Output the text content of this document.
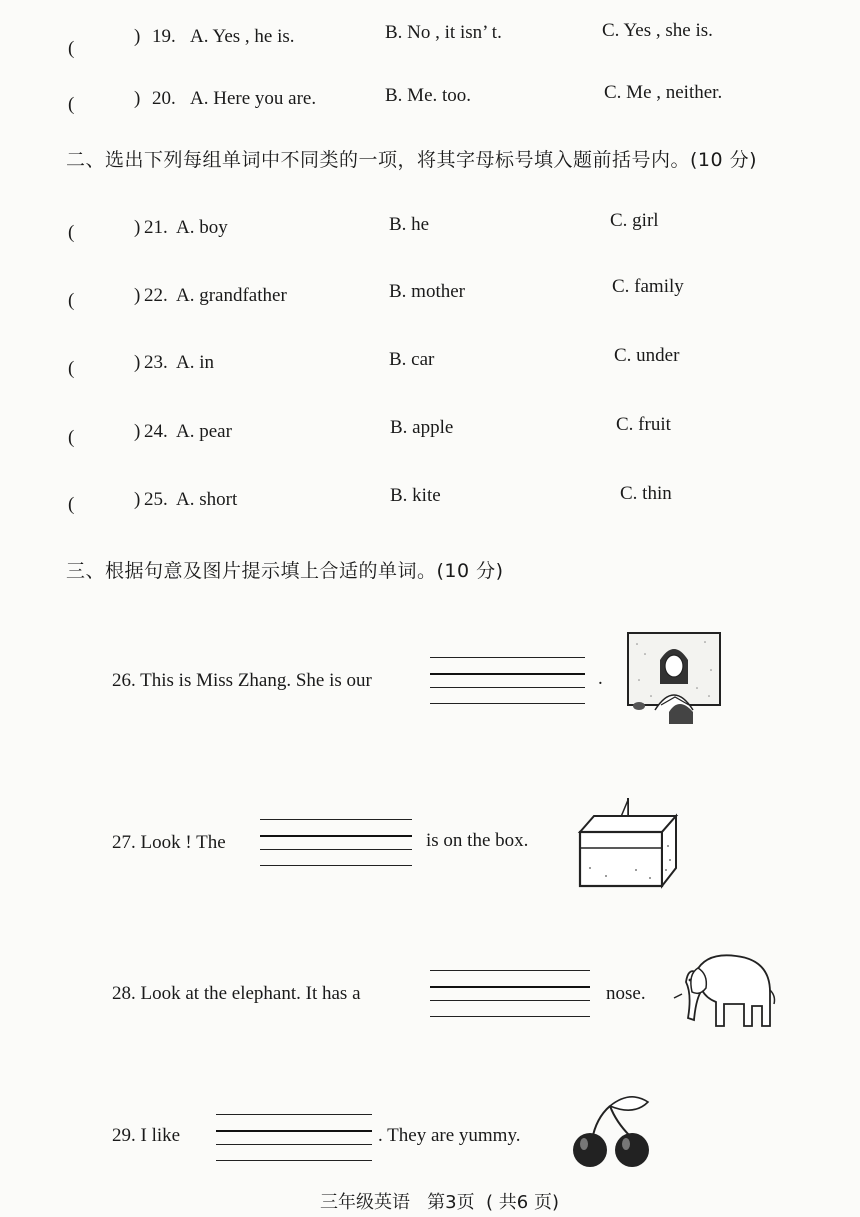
(
) 19. A. Yes , he is.	B. No , it isn’ t.	C. Yes , she is.
(	) 20. A. Here you are.	B. Me. too.	C. Me , neither.
二、选出下列每组单词中不同类的一项，将其字母标号填入题前括号内。(10 分)
(	) 21. A. boy	B. he	C. girl
(	) 22. A. grandfather	B. mother	C. family
(	) 23. A. in	B. car	C. under
(	) 24. A. pear	B. apple	C. fruit
(	) 25. A. short	B. kite	C. thin
三、根据句意及图片提示填上合适的单词。(10 分)
26. This is Miss Zhang. She is our	.
27. Look ! The	is on the box.
28. Look at the elephant. It has a	nose.
29. I like	. They are yummy.
三年级英语   第3页  ( 共6 页)
